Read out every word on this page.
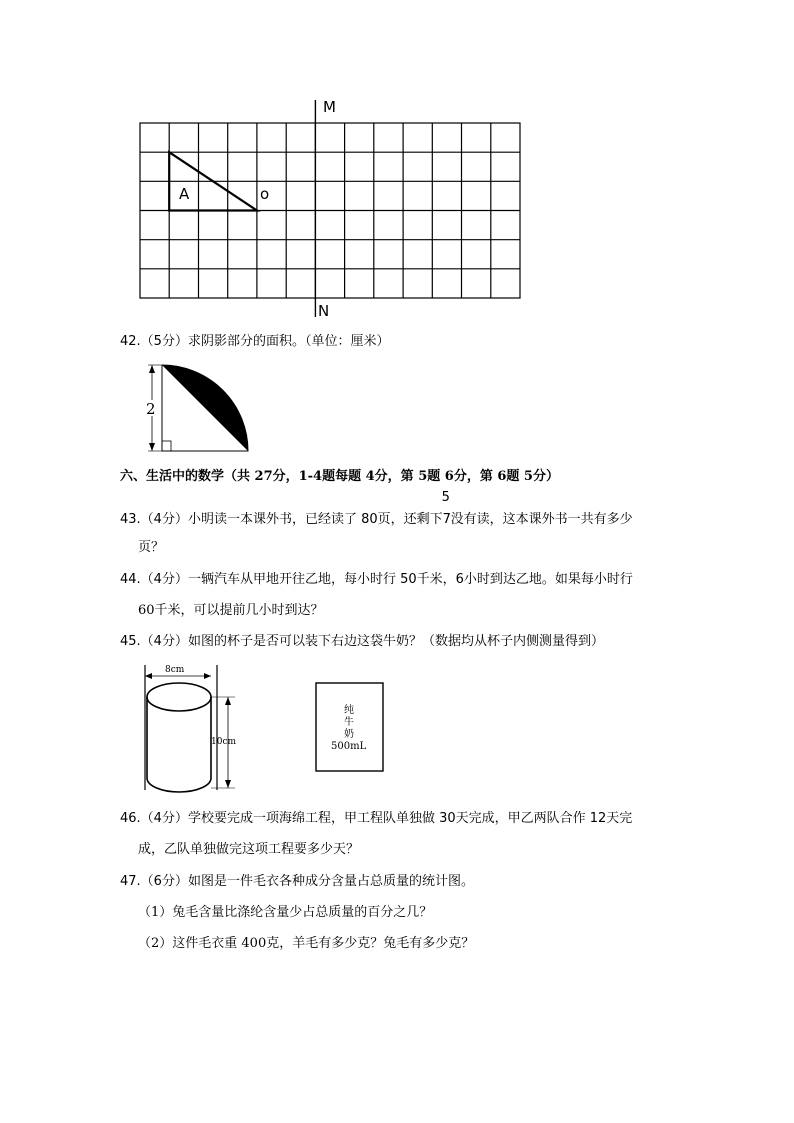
M
N
A	o
42.（5分）求阴影部分的面积。（单位：厘米）
2
六、生活中的数学（共 27分，1-4题每题 4分，第 5题 6分，第 6题 5分）
43.（4分）小明读一本课外书，已经读了 80页，还剩下
5
7没有读，这本课外书一共有多少
页？
44.（4分）一辆汽车从甲地开往乙地，每小时行 50千米，6小时到达乙地。如果每小时行
60千米，可以提前几小时到达？
45.（4分）如图的杯子是否可以装下右边这袋牛奶？（数据均从杯子内侧测量得到）
8cm
10cm
纯
牛
奶
500mL
46.（4分）学校要完成一项海绵工程，甲工程队单独做 30天完成，甲乙两队合作 12天完
成，乙队单独做完这项工程要多少天？
47.（6分）如图是一件毛衣各种成分含量占总质量的统计图。
（1）兔毛含量比涤纶含量少占总质量的百分之几？
（2）这件毛衣重 400克，羊毛有多少克？兔毛有多少克？
